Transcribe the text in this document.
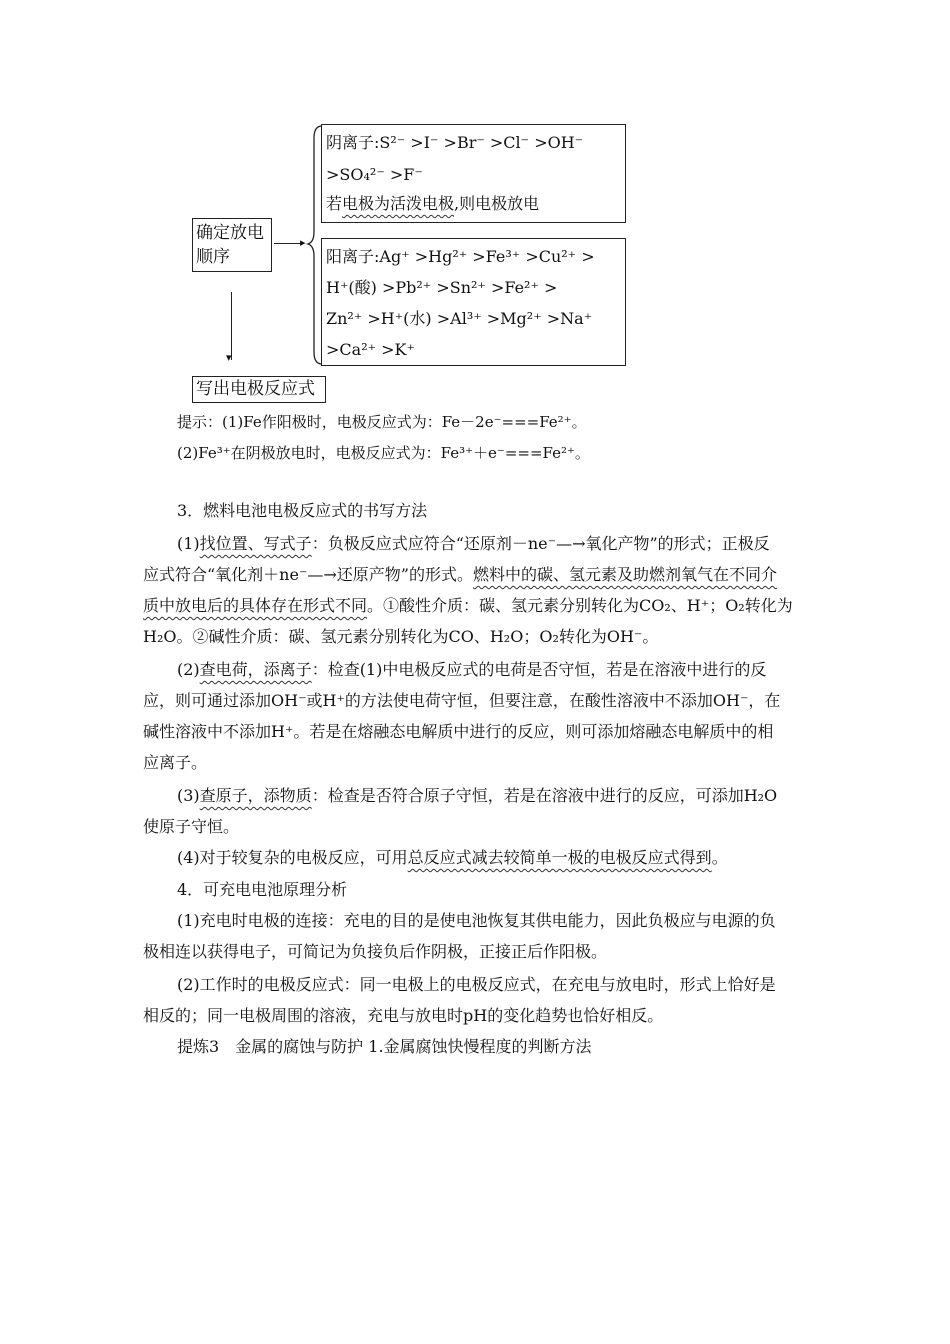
确定放电
顺序
▸
▾
写出电极反应式
阴离子:S²⁻ >I⁻ >Br⁻ >Cl⁻ >OH⁻
>SO₄²⁻ >F⁻
若电极为活泼电极,则电极放电
阳离子:Ag⁺ >Hg²⁺ >Fe³⁺ >Cu²⁺ >
H⁺(酸) >Pb²⁺ >Sn²⁺ >Fe²⁺ >
Zn²⁺ >H⁺(水) >Al³⁺ >Mg²⁺ >Na⁺
>Ca²⁺ >K⁺
提示：(1)Fe作阳极时，电极反应式为：Fe－2e⁻===Fe²⁺。
(2)Fe³⁺在阴极放电时，电极反应式为：Fe³⁺＋e⁻===Fe²⁺。
3．燃料电池电极反应式的书写方法
(1)找位置、写式子：负极反应式应符合“还原剂－ne⁻—→氧化产物”的形式；正极反
应式符合“氧化剂＋ne⁻—→还原产物”的形式。燃料中的碳、氢元素及助燃剂氧气在不同介
质中放电后的具体存在形式不同。①酸性介质：碳、氢元素分别转化为CO₂、H⁺；O₂转化为
H₂O。②碱性介质：碳、氢元素分别转化为CO、H₂O；O₂转化为OH⁻。
(2)查电荷，添离子：检查(1)中电极反应式的电荷是否守恒，若是在溶液中进行的反
应，则可通过添加OH⁻或H⁺的方法使电荷守恒，但要注意，在酸性溶液中不添加OH⁻，在
碱性溶液中不添加H⁺。若是在熔融态电解质中进行的反应，则可添加熔融态电解质中的相
应离子。
(3)查原子，添物质：检查是否符合原子守恒，若是在溶液中进行的反应，可添加H₂O
使原子守恒。
(4)对于较复杂的电极反应，可用总反应式减去较简单一极的电极反应式得到。
4．可充电电池原理分析
(1)充电时电极的连接：充电的目的是使电池恢复其供电能力，因此负极应与电源的负
极相连以获得电子，可简记为负接负后作阴极，正接正后作阳极。
(2)工作时的电极反应式：同一电极上的电极反应式，在充电与放电时，形式上恰好是
相反的；同一电极周围的溶液，充电与放电时pH的变化趋势也恰好相反。
提炼3　金属的腐蚀与防护 1.金属腐蚀快慢程度的判断方法
